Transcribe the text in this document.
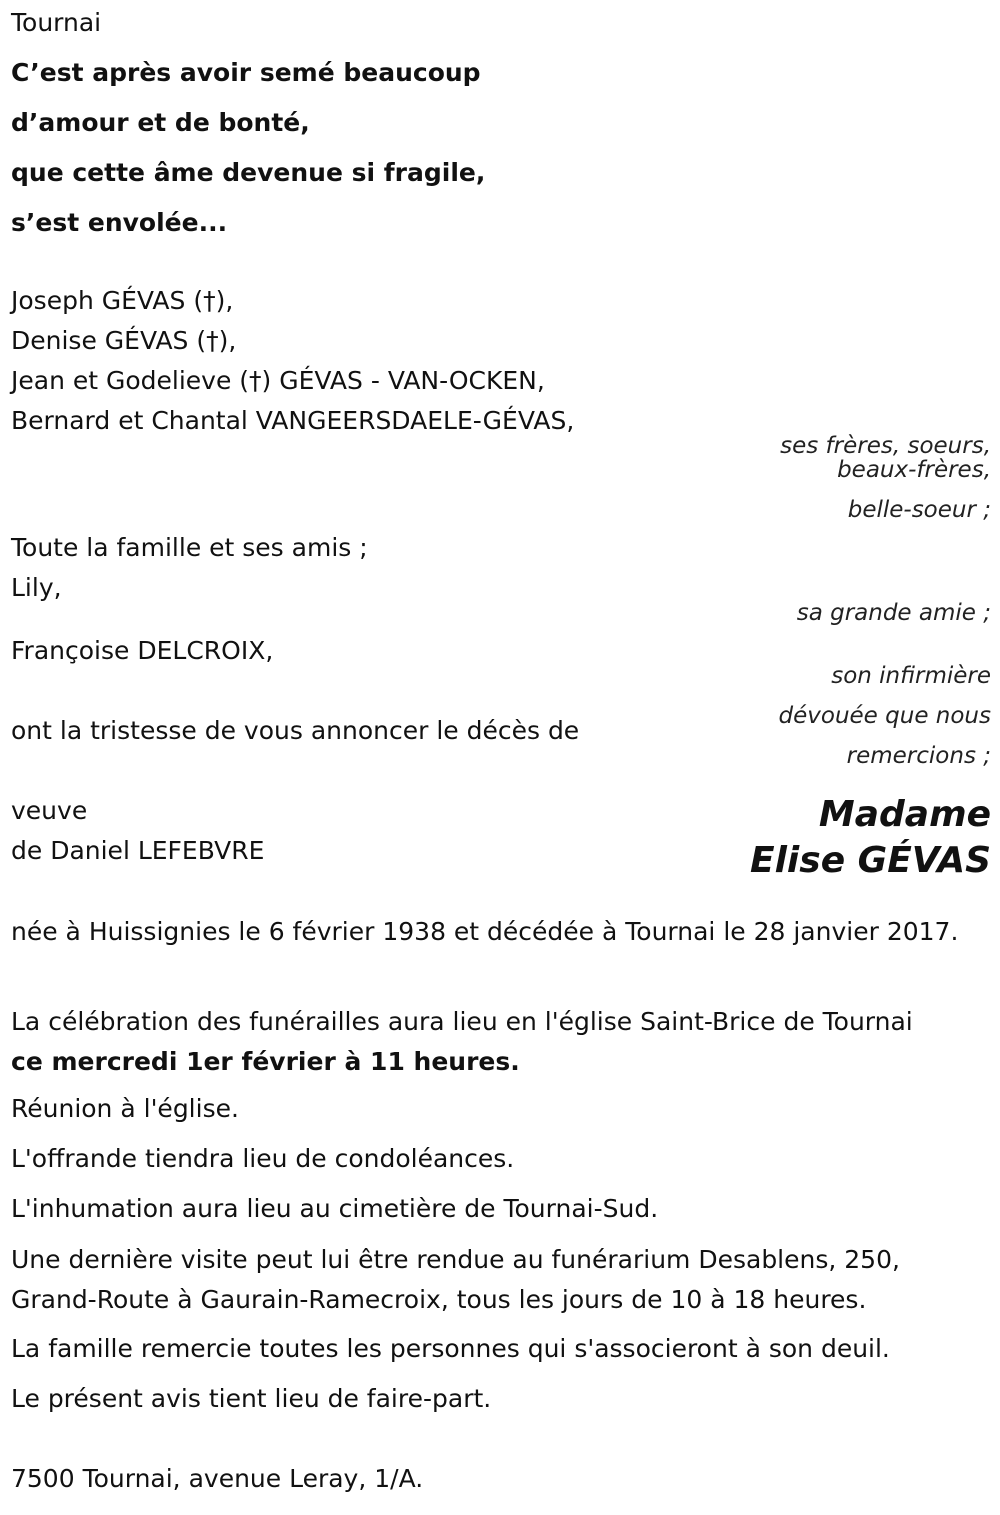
Tournai
C’est après avoir semé beaucoup
d’amour et de bonté,
que cette âme devenue si fragile,
s’est envolée...
Joseph GÉVAS (†),
Denise GÉVAS (†),
Jean et Godelieve (†) GÉVAS - VAN-OCKEN,
Bernard et Chantal VANGEERSDAELE-GÉVAS,
ses frères, soeurs,
beaux-frères,
belle-soeur ;
Toute la famille et ses amis ;
Lily,
sa grande amie ;
Françoise DELCROIX,
son infirmière
dévouée que nous
remercions ;
ont la tristesse de vous annoncer le décès de
veuve
de Daniel LEFEBVRE
Madame
Elise GÉVAS
née à Huissignies le 6 février 1938 et décédée à Tournai le 28 janvier 2017.
La célébration des funérailles aura lieu en l'église Saint-Brice de Tournai
ce mercredi 1er février à 11 heures.
Réunion à l'église.
L'offrande tiendra lieu de condoléances.
L'inhumation aura lieu au cimetière de Tournai-Sud.
Une dernière visite peut lui être rendue au funérarium Desablens, 250, Grand-Route à Gaurain-Ramecroix, tous les jours de 10 à 18 heures.
La famille remercie toutes les personnes qui s'associeront à son deuil.
Le présent avis tient lieu de faire-part.
7500 Tournai, avenue Leray, 1/A.
